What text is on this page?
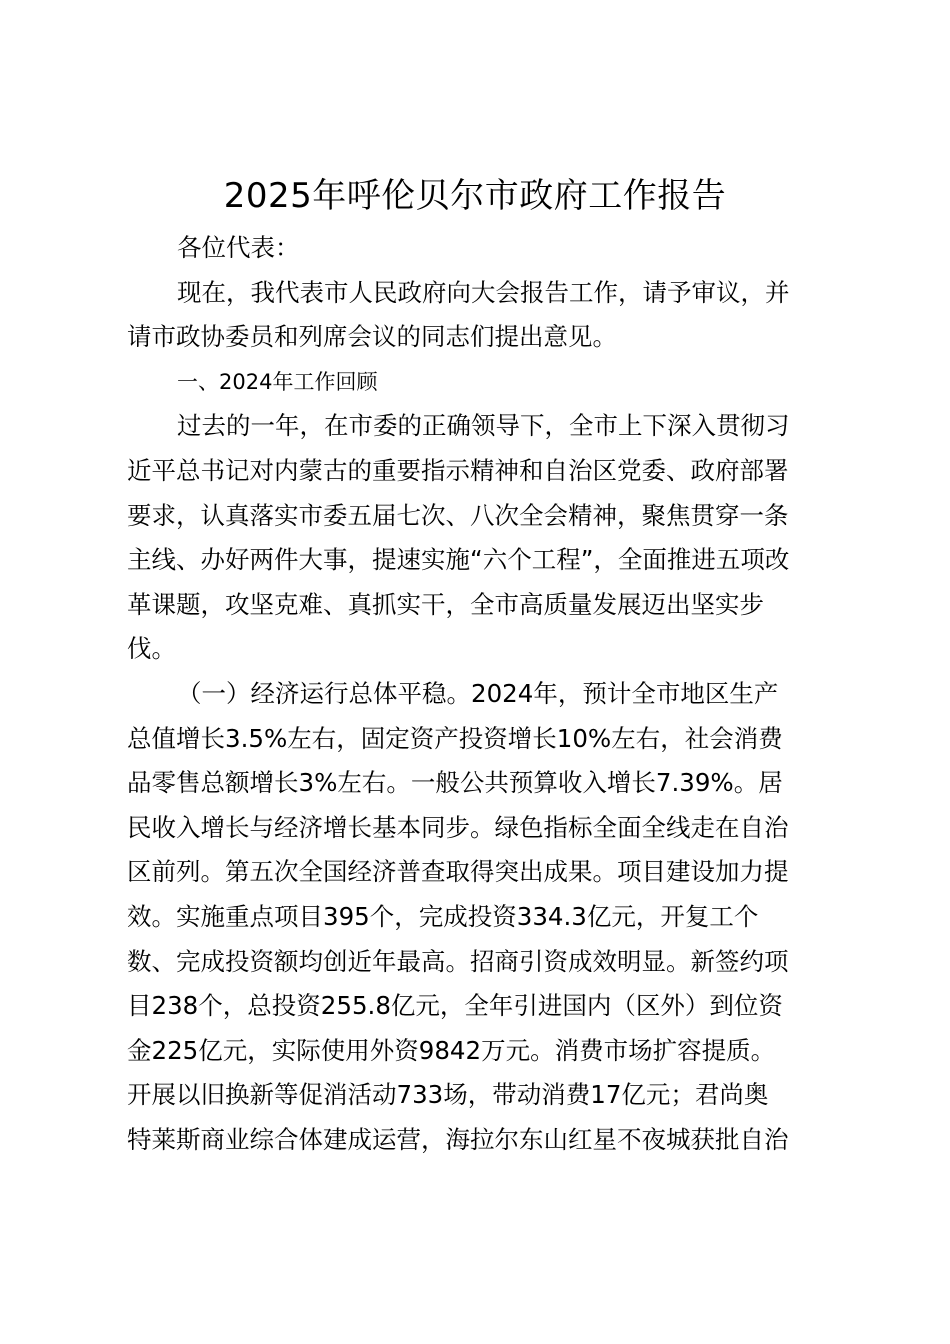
2025年呼伦贝尔市政府工作报告

各位代表：

现在，我代表市人民政府向大会报告工作，请予审议，并
请市政协委员和列席会议的同志们提出意见。

一、2024年工作回顾

过去的一年，在市委的正确领导下，全市上下深入贯彻习
近平总书记对内蒙古的重要指示精神和自治区党委、政府部署
要求，认真落实市委五届七次、八次全会精神，聚焦贯穿一条
主线、办好两件大事，提速实施“六个工程”，全面推进五项改
革课题，攻坚克难、真抓实干，全市高质量发展迈出坚实步
伐。

（一）经济运行总体平稳。2024年，预计全市地区生产
总值增长3.5%左右，固定资产投资增长10%左右，社会消费
品零售总额增长3%左右。一般公共预算收入增长7.39%。居
民收入增长与经济增长基本同步。绿色指标全面全线走在自治
区前列。第五次全国经济普查取得突出成果。项目建设加力提
效。实施重点项目395个，完成投资334.3亿元，开复工个
数、完成投资额均创近年最高。招商引资成效明显。新签约项
目238个，总投资255.8亿元，全年引进国内（区外）到位资
金225亿元，实际使用外资9842万元。消费市场扩容提质。
开展以旧换新等促消活动733场，带动消费17亿元；君尚奥
特莱斯商业综合体建成运营，海拉尔东山红星不夜城获批自治
